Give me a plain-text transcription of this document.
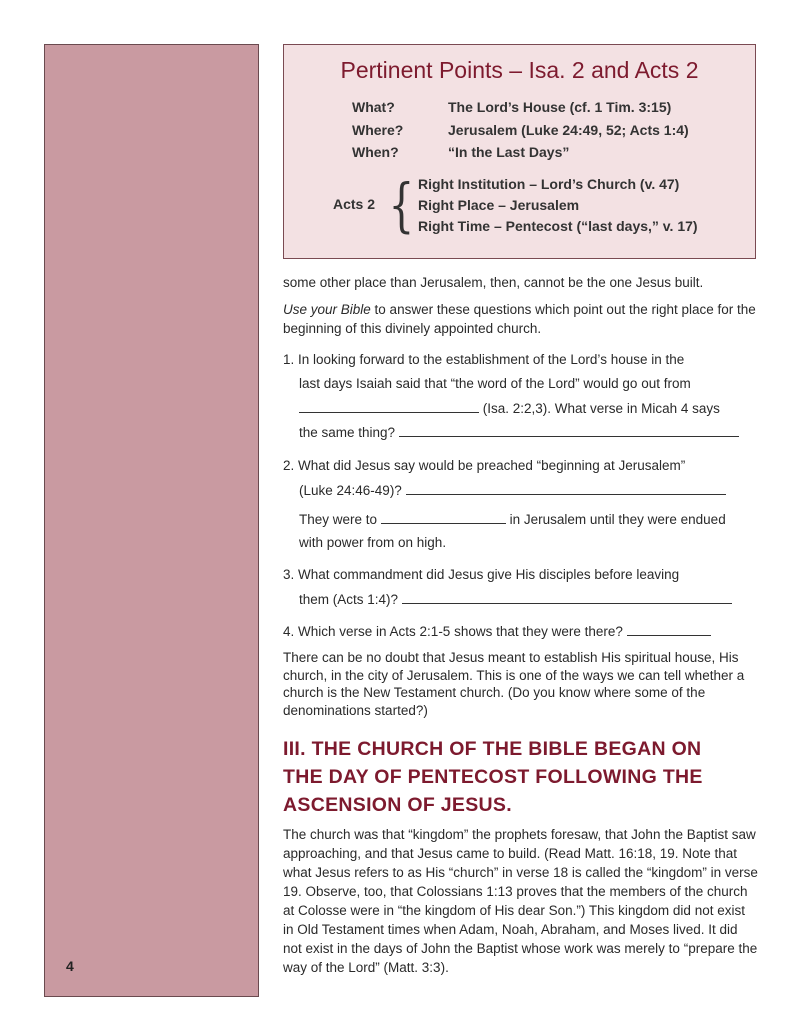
4
Pertinent Points – Isa. 2 and Acts 2
What?	The Lord’s House (cf. 1 Tim. 3:15)
Where?	Jerusalem (Luke 24:49, 52; Acts 1:4)
When?	“In the Last Days”
Acts 2 { Right Institution – Lord’s Church (v. 47)
Right Place – Jerusalem
Right Time – Pentecost (“last days,” v. 17)
some other place than Jerusalem, then, cannot be the one Jesus built.
Use your Bible to answer these questions which point out the right place for the beginning of this divinely appointed church.
1. In looking forward to the establishment of the Lord’s house in the
last days Isaiah said that “the word of the Lord” would go out from
(Isa. 2:2,3). What verse in Micah 4 says
the same thing?
2. What did Jesus say would be preached “beginning at Jerusalem”
(Luke 24:46-49)?
They were to	in Jerusalem until they were endued
with power from on high.
3. What commandment did Jesus give His disciples before leaving
them (Acts 1:4)?
4. Which verse in Acts 2:1-5 shows that they were there?
There can be no doubt that Jesus meant to establish His spiritual house, His church, in the city of Jerusalem. This is one of the ways we can tell whether a church is the New Testament church. (Do you know where some of the denominations started?)
III. THE CHURCH OF THE BIBLE BEGAN ON
THE DAY OF PENTECOST FOLLOWING THE
ASCENSION OF JESUS.
The church was that “kingdom” the prophets foresaw, that John the Baptist saw approaching, and that Jesus came to build. (Read Matt. 16:18, 19. Note that what Jesus refers to as His “church” in verse 18 is called the “kingdom” in verse 19. Observe, too, that Colossians 1:13 proves that the members of the church at Colosse were in “the kingdom of His dear Son.”) This kingdom did not exist in Old Testament times when Adam, Noah, Abraham, and Moses lived. It did not exist in the days of John the Baptist whose work was merely to “prepare the way of the Lord” (Matt. 3:3).
